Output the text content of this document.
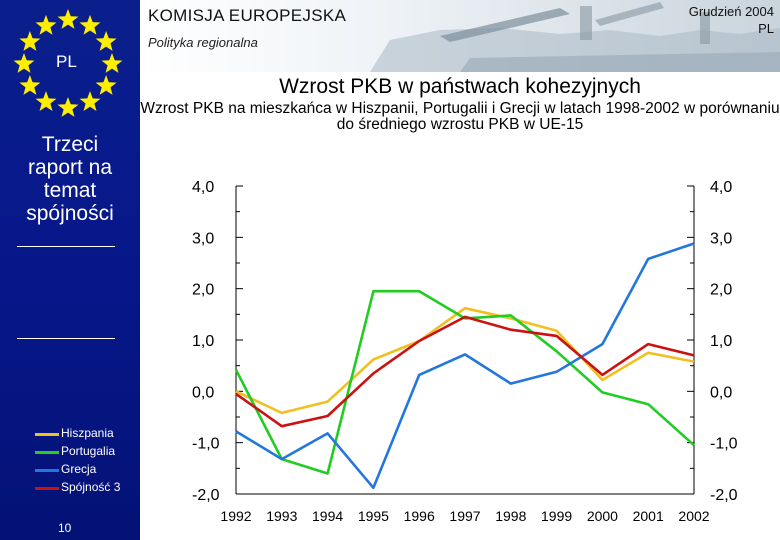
PL
Trzeci
raport na
temat
spójności
Hiszpania
Portugalia
Grecja
Spójność 3
10
KOMISJA EUROPEJSKA
Polityka regionalna
Grudzień 2004
PL
Wzrost PKB w państwach kohezyjnych
Wzrost PKB na mieszkańca w Hiszpanii, Portugalii i Grecji w latach 1998-2002 w porównaniu do średniego wzrostu PKB w UE-15
4,0	4,0
3,0	3,0
2,0	2,0
1,0	1,0
0,0	0,0
-1,0	-1,0
-2,0	-2,0
1992 1993 1994 1995 1996 1997 1998 1999 2000 2001 2002
